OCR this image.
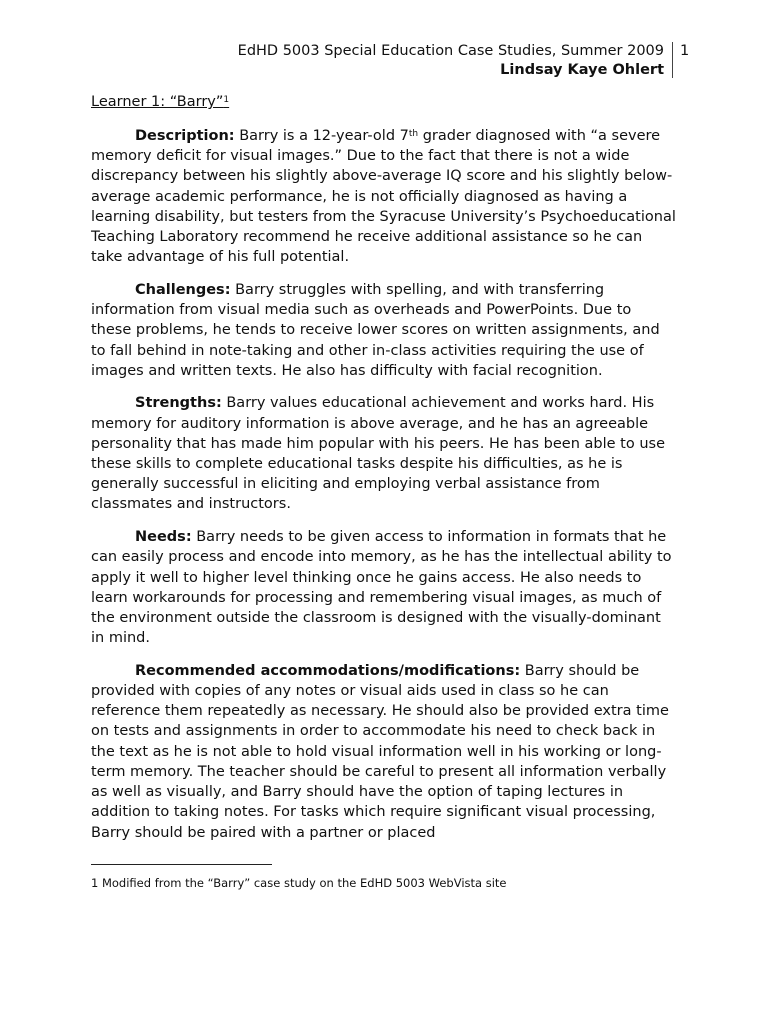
EdHD 5003 Special Education Case Studies, Summer 2009
Lindsay Kaye Ohlert
1
Learner 1: “Barry”$^1$

Description: Barry is a 12-year-old 7th grader diagnosed with “a severe memory deficit for visual images.” Due to the fact that there is not a wide discrepancy between his slightly above-average IQ score and his slightly below-average academic performance, he is not officially diagnosed as having a learning disability, but testers from the Syracuse University’s Psychoeducational Teaching Laboratory recommend he receive additional assistance so he can take advantage of his full potential.

Challenges: Barry struggles with spelling, and with transferring information from visual media such as overheads and PowerPoints. Due to these problems, he tends to receive lower scores on written assignments, and to fall behind in note-taking and other in-class activities requiring the use of images and written texts. He also has difficulty with facial recognition.

Strengths: Barry values educational achievement and works hard. His memory for auditory information is above average, and he has an agreeable personality that has made him popular with his peers. He has been able to use these skills to complete educational tasks despite his difficulties, as he is generally successful in eliciting and employing verbal assistance from classmates and instructors.

Needs: Barry needs to be given access to information in formats that he can easily process and encode into memory, as he has the intellectual ability to apply it well to higher level thinking once he gains access. He also needs to learn workarounds for processing and remembering visual images, as much of the environment outside the classroom is designed with the visually-dominant in mind.

Recommended accommodations/modifications: Barry should be provided with copies of any notes or visual aids used in class so he can reference them repeatedly as necessary. He should also be provided extra time on tests and assignments in order to accommodate his need to check back in the text as he is not able to hold visual information well in his working or long-term memory. The teacher should be careful to present all information verbally as well as visually, and Barry should have the option of taping lectures in addition to taking notes. For tasks which require significant visual processing, Barry should be paired with a partner or placed

1 Modified from the “Barry” case study on the EdHD 5003 WebVista site
